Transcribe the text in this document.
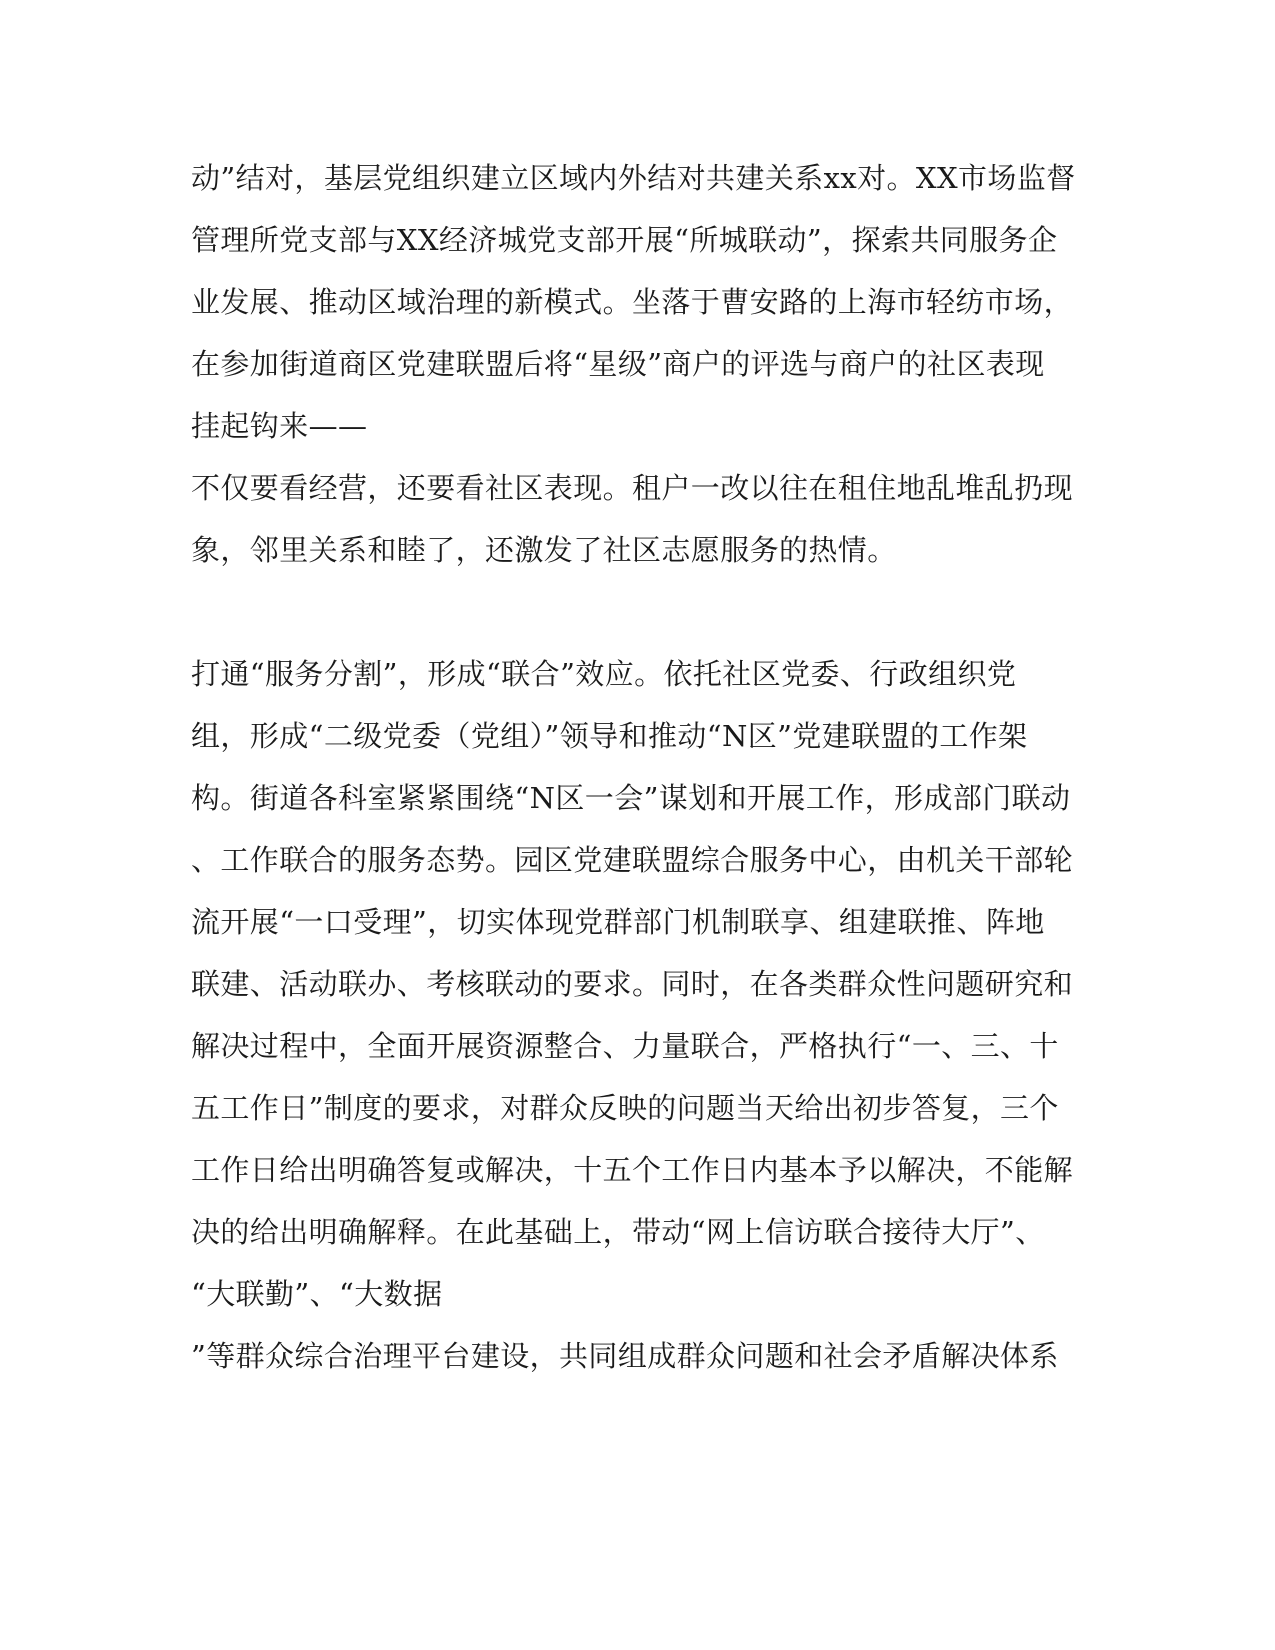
动”结对，基层党组织建立区域内外结对共建关系xx对。XX市场监督
管理所党支部与XX经济城党支部开展“所城联动”，探索共同服务企
业发展、推动区域治理的新模式。坐落于曹安路的上海市轻纺市场，
在参加街道商区党建联盟后将“星级”商户的评选与商户的社区表现
挂起钩来——
不仅要看经营，还要看社区表现。租户一改以往在租住地乱堆乱扔现
象，邻里关系和睦了，还激发了社区志愿服务的热情。
打通“服务分割”，形成“联合”效应。依托社区党委、行政组织党
组，形成“二级党委（党组）”领导和推动“N区”党建联盟的工作架
构。街道各科室紧紧围绕“N区一会”谋划和开展工作，形成部门联动
、工作联合的服务态势。园区党建联盟综合服务中心，由机关干部轮
流开展“一口受理”，切实体现党群部门机制联享、组建联推、阵地
联建、活动联办、考核联动的要求。同时，在各类群众性问题研究和
解决过程中，全面开展资源整合、力量联合，严格执行“一、三、十
五工作日”制度的要求，对群众反映的问题当天给出初步答复，三个
工作日给出明确答复或解决，十五个工作日内基本予以解决，不能解
决的给出明确解释。在此基础上，带动“网上信访联合接待大厅”、
“大联勤”、“大数据
”等群众综合治理平台建设，共同组成群众问题和社会矛盾解决体系
